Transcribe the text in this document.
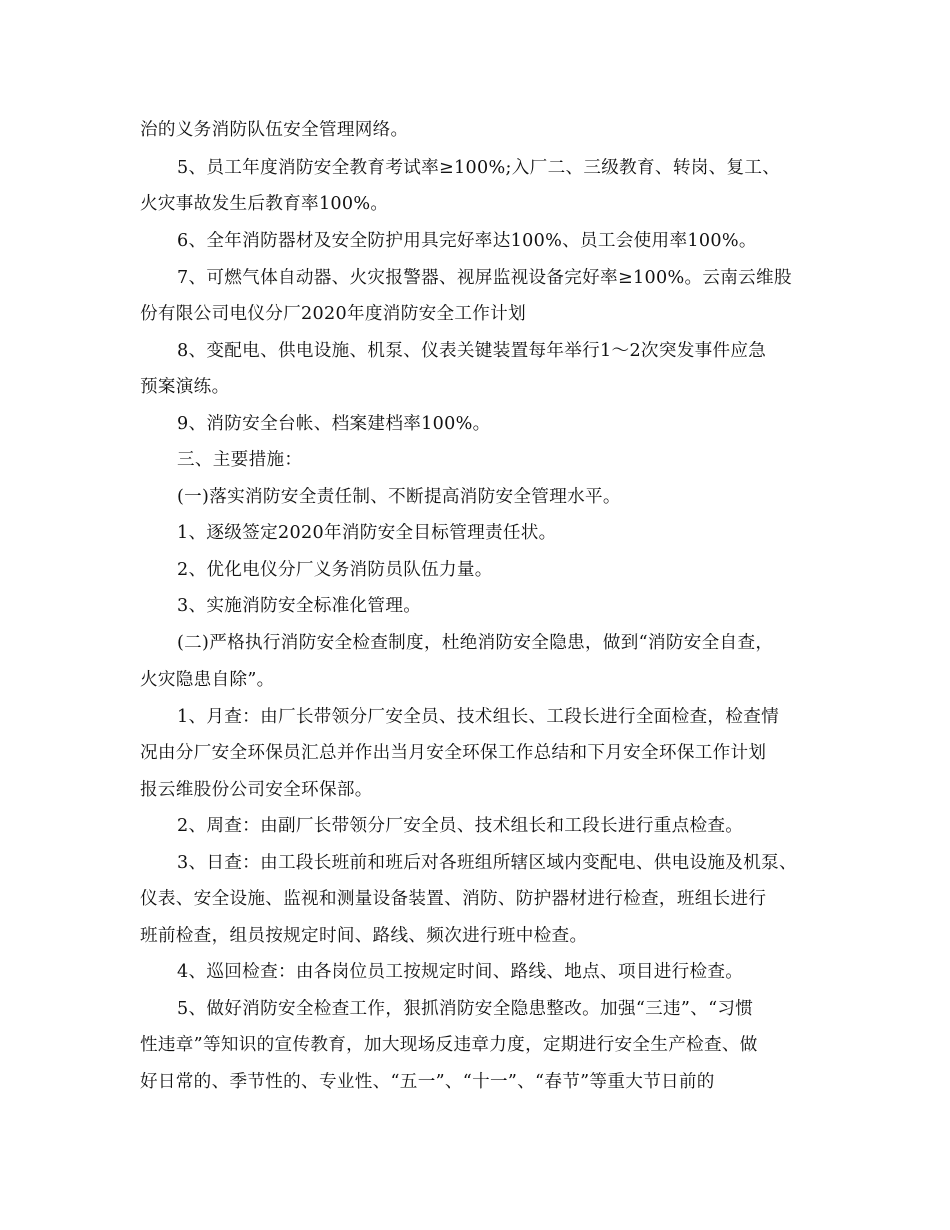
治的义务消防队伍安全管理网络。
5、员工年度消防安全教育考试率≥100%;入厂二、三级教育、转岗、复工、
火灾事故发生后教育率100%。
6、全年消防器材及安全防护用具完好率达100%、员工会使用率100%。
7、可燃气体自动器、火灾报警器、视屏监视设备完好率≥100%。云南云维股
份有限公司电仪分厂2020年度消防安全工作计划
8、变配电、供电设施、机泵、仪表关键装置每年举行1～2次突发事件应急
预案演练。
9、消防安全台帐、档案建档率100%。
三、主要措施：
(一)落实消防安全责任制、不断提高消防安全管理水平。
1、逐级签定2020年消防安全目标管理责任状。
2、优化电仪分厂义务消防员队伍力量。
3、实施消防安全标准化管理。
(二)严格执行消防安全检查制度，杜绝消防安全隐患，做到“消防安全自查，
火灾隐患自除”。
1、月查：由厂长带领分厂安全员、技术组长、工段长进行全面检查，检查情
况由分厂安全环保员汇总并作出当月安全环保工作总结和下月安全环保工作计划
报云维股份公司安全环保部。
2、周查：由副厂长带领分厂安全员、技术组长和工段长进行重点检查。
3、日查：由工段长班前和班后对各班组所辖区域内变配电、供电设施及机泵、
仪表、安全设施、监视和测量设备装置、消防、防护器材进行检查，班组长进行
班前检查，组员按规定时间、路线、频次进行班中检查。
4、巡回检查：由各岗位员工按规定时间、路线、地点、项目进行检查。
5、做好消防安全检查工作，狠抓消防安全隐患整改。加强“三违”、“习惯
性违章”等知识的宣传教育，加大现场反违章力度，定期进行安全生产检查、做
好日常的、季节性的、专业性、“五一”、“十一”、“春节”等重大节日前的
